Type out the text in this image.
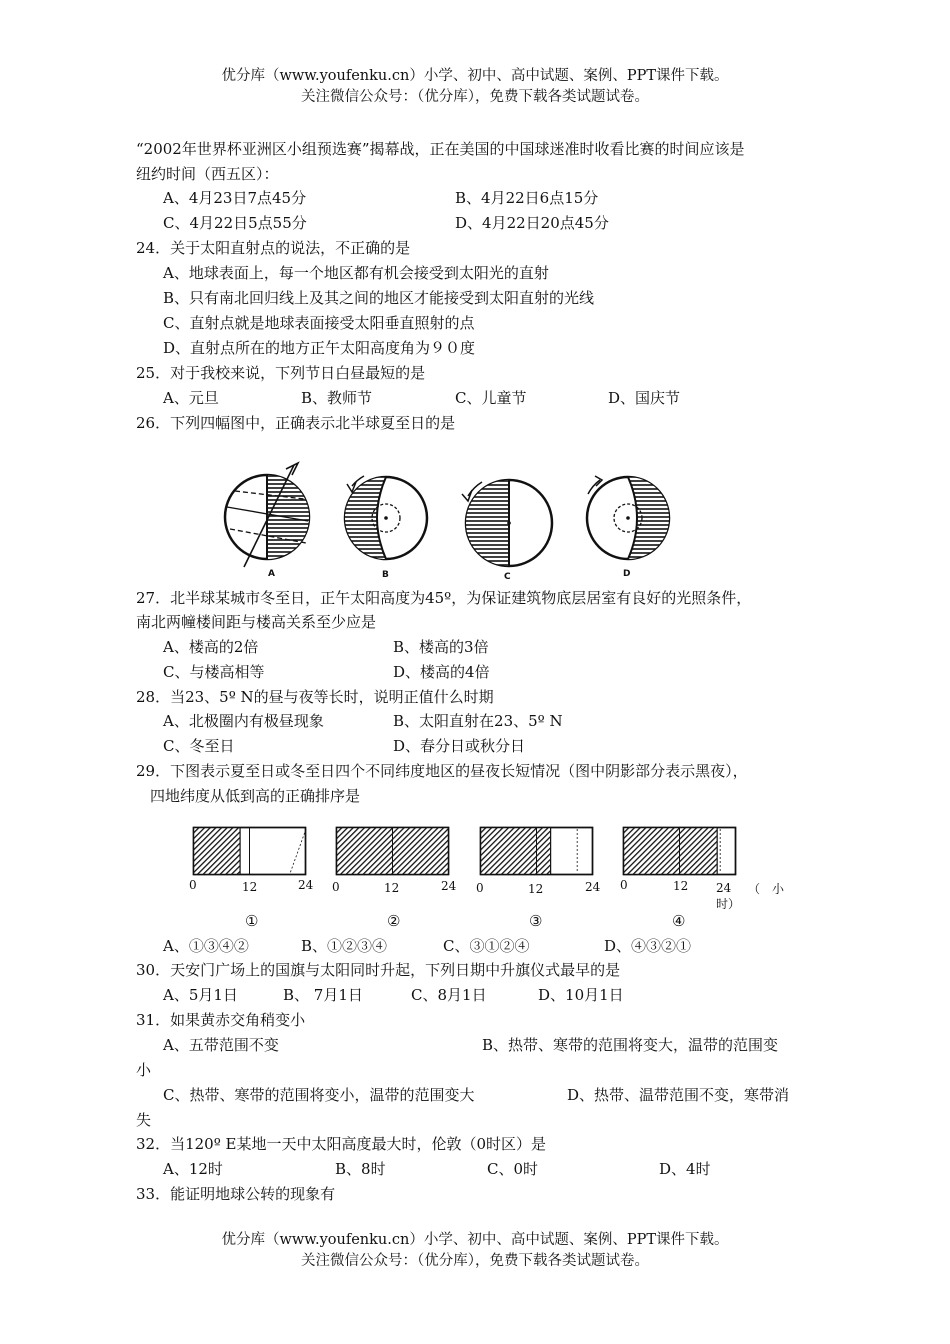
优分库（www.youfenku.cn）小学、初中、高中试题、案例、PPT课件下载。
关注微信公众号：（优分库），免费下载各类试题试卷。
“2002年世界杯亚洲区小组预选赛”揭幕战，正在美国的中国球迷准时收看比赛的时间应该是
纽约时间（西五区）：
A、4月23日7点45分	B、4月22日6点15分
C、4月22日5点55分	D、4月22日20点45分
24．关于太阳直射点的说法，不正确的是
A、地球表面上，每一个地区都有机会接受到太阳光的直射
B、只有南北回归线上及其之间的地区才能接受到太阳直射的光线
C、直射点就是地球表面接受太阳垂直照射的点
D、直射点所在的地方正午太阳高度角为９０度
25．对于我校来说，下列节日白昼最短的是
A、元旦	B、教师节	C、儿童节	D、国庆节
26．下列四幅图中，正确表示北半球夏至日的是
A	B	C	D
27．北半球某城市冬至日，正午太阳高度为45º，为保证建筑物底层居室有良好的光照条件，
南北两幢楼间距与楼高关系至少应是
A、楼高的2倍	B、楼高的3倍
C、与楼高相等	D、楼高的4倍
28．当23、5º N的昼与夜等长时，说明正值什么时期
A、北极圈内有极昼现象	B、太阳直射在23、5º N
C、冬至日	D、春分日或秋分日
29．下图表示夏至日或冬至日四个不同纬度地区的昼夜长短情况（图中阴影部分表示黑夜），
四地纬度从低到高的正确排序是
0	12	24 0	12	24 0	12	24 0	12 24 （　小
时）
①	②	③	④
A、①③④②	B、①②③④	C、③①②④	D、④③②①
30．天安门广场上的国旗与太阳同时升起，下列日期中升旗仪式最早的是
A、5月1日	B、 7月1日	C、8月1日	D、10月1日
31．如果黄赤交角稍变小
A、五带范围不变	B、热带、寒带的范围将变大，温带的范围变
小
C、热带、寒带的范围将变小，温带的范围变大	D、热带、温带范围不变，寒带消
失
32．当120º E某地一天中太阳高度最大时，伦敦（0时区）是
A、12时	B、8时	C、0时	D、4时
33．能证明地球公转的现象有
优分库（www.youfenku.cn）小学、初中、高中试题、案例、PPT课件下载。
关注微信公众号：（优分库），免费下载各类试题试卷。
